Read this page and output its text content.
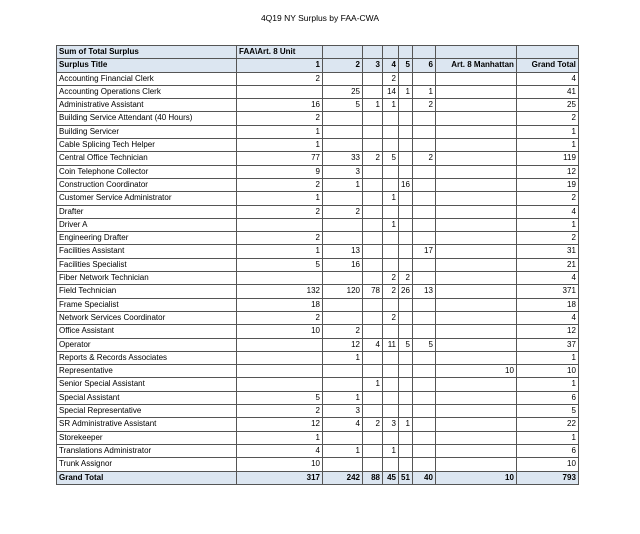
4Q19 NY Surplus by FAA-CWA
Sum of Total Surplus	FAA\Art. 8 Unit							
Surplus Title	1	2	3	4	5	6	Art. 8 Manhattan	Grand Total
Accounting Financial Clerk	2			2				4
Accounting Operations Clerk		25		14	1	1		41
Administrative Assistant	16	5	1	1		2		25
Building Service Attendant (40 Hours)	2							2
Building Servicer	1							1
Cable Splicing Tech Helper	1							1
Central Office Technician	77	33	2	5		2		119
Coin Telephone Collector	9	3						12
Construction Coordinator	2	1			16			19
Customer Service Administrator	1			1				2
Drafter	2	2						4
Driver A				1				1
Engineering Drafter	2							2
Facilities Assistant	1	13				17		31
Facilities Specialist	5	16						21
Fiber Network Technician				2	2			4
Field Technician	132	120	78	2	26	13		371
Frame Specialist	18							18
Network Services Coordinator	2			2				4
Office Assistant	10	2						12
Operator		12	4	11	5	5		37
Reports & Records Associates		1						1
Representative							10	10
Senior Special Assistant			1					1
Special Assistant	5	1						6
Special Representative	2	3						5
SR Administrative Assistant	12	4	2	3	1			22
Storekeeper	1							1
Translations Administrator	4	1		1				6
Trunk Assignor	10							10
Grand Total	317	242	88	45	51	40	10	793
